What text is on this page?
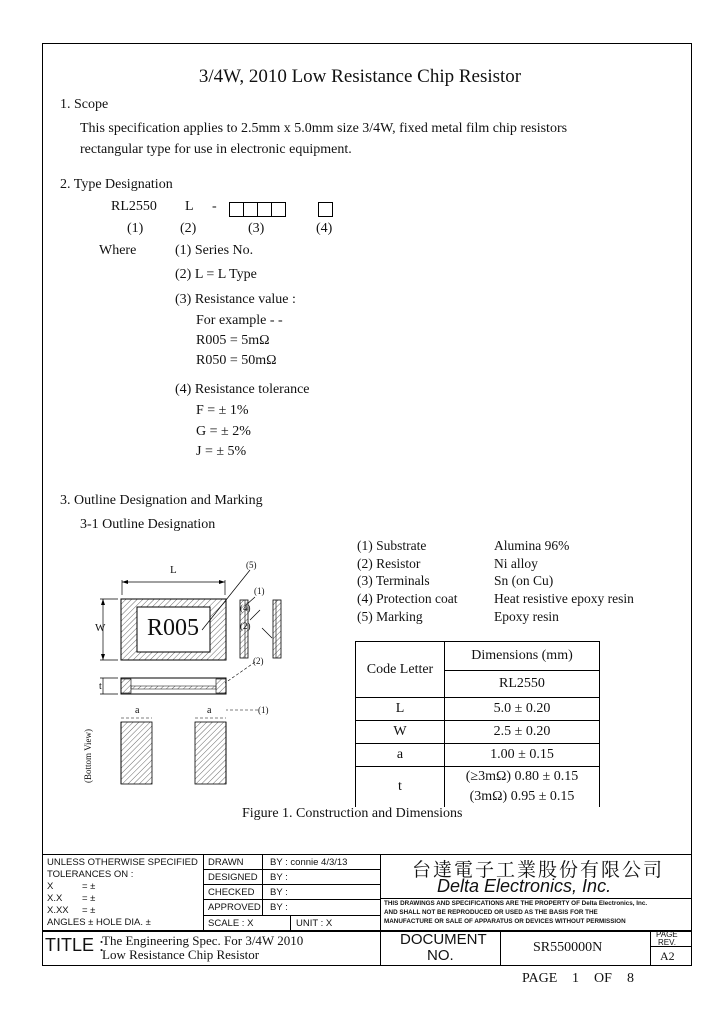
3/4W, 2010 Low Resistance Chip Resistor
1. Scope
This specification applies to 2.5mm x 5.0mm size 3/4W, fixed metal film chip resistors
rectangular type for use in electronic equipment.
2. Type Designation
RL2550 L -
(1)	(2)	(3)	(4)
Where	(1) Series No.
(2) L = L Type
(3) Resistance value :
For example - -
R005 = 5mΩ
R050 = 50mΩ
(4) Resistance tolerance
F = ± 1%
G = ± 2%
J = ± 5%
3. Outline Designation and Marking
3-1 Outline Designation
R005
L
W
t
a	a
(5)
(1)
(4)
(2)
(2)
(1)
(Bottom View)
(1) Substrate	Alumina 96%
(2) Resistor	Ni alloy
(3) Terminals	Sn (on Cu)
(4) Protection coat	Heat resistive epoxy resin
(5) Marking	Epoxy resin
Code Letter	Dimensions (mm)
	RL2550
L	5.0 ± 0.20
W	2.5 ± 0.20
a	1.00 ± 0.15
t	(≥3mΩ) 0.80 ± 0.15
(3mΩ) 0.95 ± 0.15
Figure 1. Construction and Dimensions
UNLESS OTHERWISE SPECIFIED
TOLERANCES ON :
X	= ±
X.X = ±
X.XX = ±
ANGLES ± HOLE DIA. ±
DRAWN	BY : connie 4/3/13
DESIGNED BY :
CHECKED BY :
APPROVED BY :
SCALE : X	UNIT : X
台達電子工業股份有限公司
Delta Electronics, Inc.
THIS DRAWINGS AND SPECIFICATIONS ARE THE PROPERTY OF Delta Electronics, Inc.
AND SHALL NOT BE REPRODUCED OR USED AS THE BASIS FOR THE
MANUFACTURE OR SALE OF APPARATUS OR DEVICES WITHOUT PERMISSION
TITLE :
The Engineering Spec. For 3/4W 2010
Low Resistance Chip Resistor
DOCUMENT
NO.	SR550000N
PAGE
REV.
A2
PAGE 1 OF 8
